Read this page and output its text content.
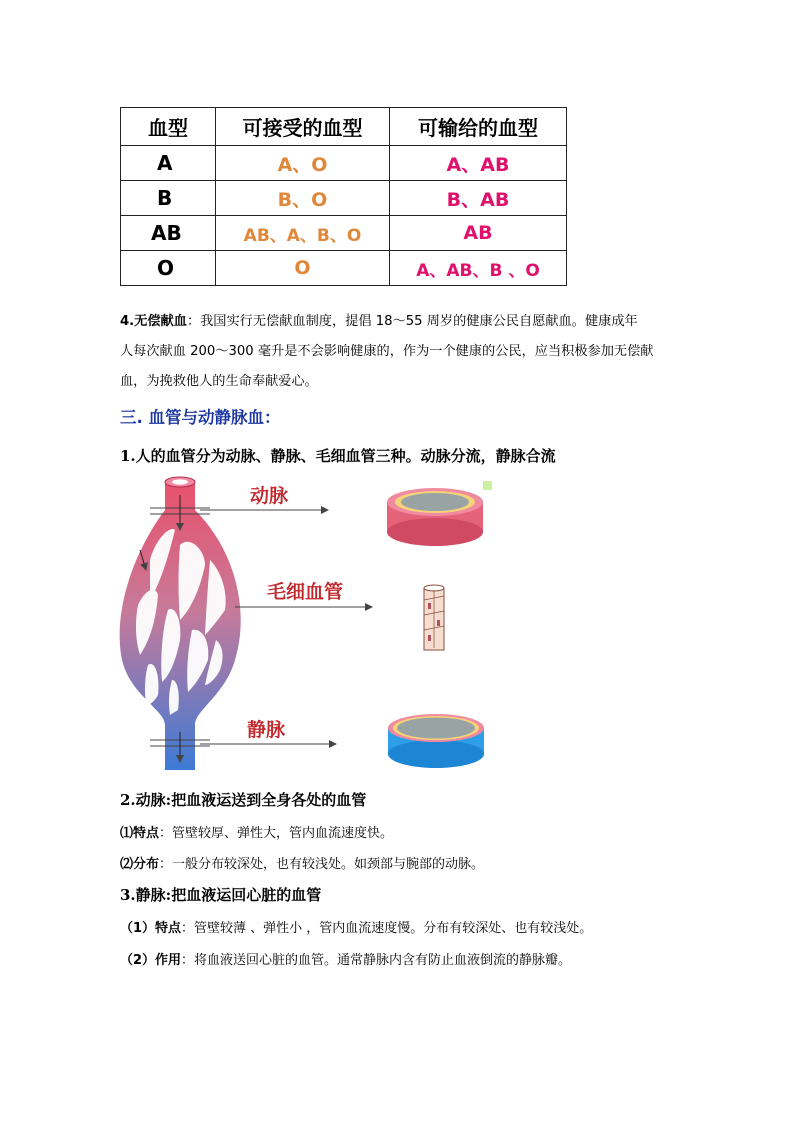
血型	可接受的血型	可输给的血型
A	A、O	A、AB
B	B、O	B、AB
AB	AB、A、B、O	AB
O	O	A、AB、B 、O
4.无偿献血：我国实行无偿献血制度，提倡 18～55 周岁的健康公民自愿献血。健康成年
人每次献血 200～300 毫升是不会影响健康的，作为一个健康的公民，应当积极参加无偿献
血，为挽救他人的生命奉献爱心。
三. 血管与动静脉血：
1.人的血管分为动脉、静脉、毛细血管三种。动脉分流，静脉合流
动脉
毛细血管
静脉
2.动脉:把血液运送到全身各处的血管
⑴特点：管壁较厚、弹性大，管内血流速度快。
⑵分布：一般分布较深处，也有较浅处。如颈部与腕部的动脉。
3.静脉:把血液运回心脏的血管
（1）特点：管壁较薄 、弹性小 ，管内血流速度慢。分布有较深处、也有较浅处。
（2）作用：将血液送回心脏的血管。通常静脉内含有防止血液倒流的静脉瓣。
